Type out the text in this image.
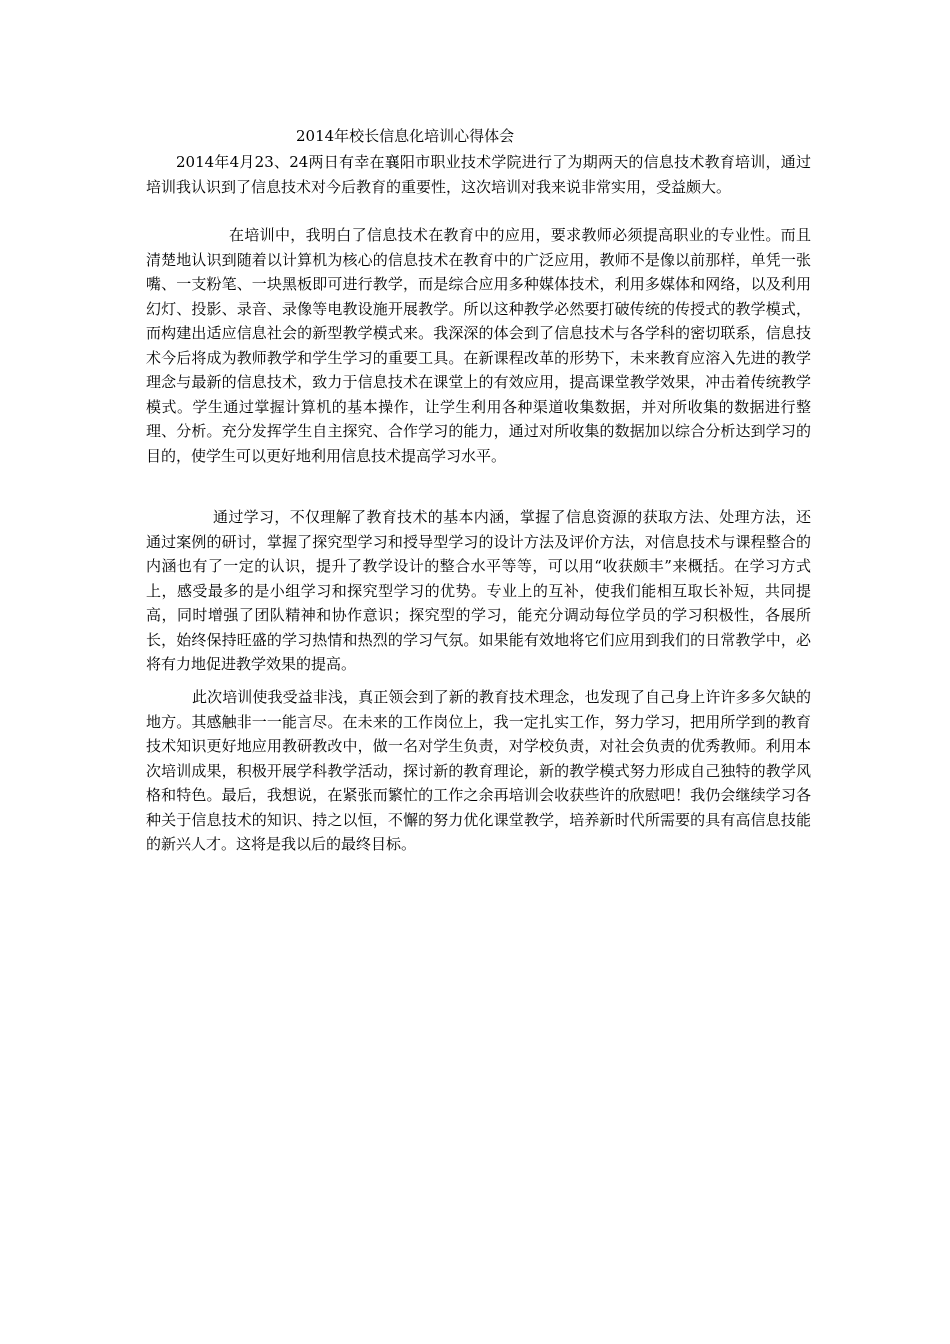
2014年校长信息化培训心得体会

2014年4月23、24两日有幸在襄阳市职业技术学院进行了为期两天的信息技术教育培训，通过培训我认识到了信息技术对今后教育的重要性，这次培训对我来说非常实用，受益颇大。

在培训中，我明白了信息技术在教育中的应用，要求教师必须提高职业的专业性。而且清楚地认识到随着以计算机为核心的信息技术在教育中的广泛应用，教师不是像以前那样，单凭一张嘴、一支粉笔、一块黑板即可进行教学，而是综合应用多种媒体技术，利用多媒体和网络，以及利用幻灯、投影、录音、录像等电教设施开展教学。所以这种教学必然要打破传统的传授式的教学模式，而构建出适应信息社会的新型教学模式来。我深深的体会到了信息技术与各学科的密切联系，信息技术今后将成为教师教学和学生学习的重要工具。在新课程改革的形势下，未来教育应溶入先进的教学理念与最新的信息技术，致力于信息技术在课堂上的有效应用，提高课堂教学效果，冲击着传统教学模式。学生通过掌握计算机的基本操作，让学生利用各种渠道收集数据，并对所收集的数据进行整理、分析。充分发挥学生自主探究、合作学习的能力，通过对所收集的数据加以综合分析达到学习的目的，使学生可以更好地利用信息技术提高学习水平。

通过学习，不仅理解了教育技术的基本内涵，掌握了信息资源的获取方法、处理方法，还通过案例的研讨，掌握了探究型学习和授导型学习的设计方法及评价方法，对信息技术与课程整合的内涵也有了一定的认识，提升了教学设计的整合水平等等，可以用“收获颇丰”来概括。在学习方式上，感受最多的是小组学习和探究型学习的优势。专业上的互补，使我们能相互取长补短，共同提高，同时增强了团队精神和协作意识；探究型的学习，能充分调动每位学员的学习积极性，各展所长，始终保持旺盛的学习热情和热烈的学习气氛。如果能有效地将它们应用到我们的日常教学中，必将有力地促进教学效果的提高。

此次培训使我受益非浅，真正领会到了新的教育技术理念，也发现了自己身上许许多多欠缺的地方。其感触非一一能言尽。在未来的工作岗位上，我一定扎实工作，努力学习，把用所学到的教育技术知识更好地应用教研教改中，做一名对学生负责，对学校负责，对社会负责的优秀教师。利用本次培训成果，积极开展学科教学活动，探讨新的教育理论，新的教学模式努力形成自己独特的教学风格和特色。最后，我想说，在紧张而繁忙的工作之余再培训会收获些许的欣慰吧！我仍会继续学习各种关于信息技术的知识、持之以恒，不懈的努力优化课堂教学，培养新时代所需要的具有高信息技能的新兴人才。这将是我以后的最终目标。
